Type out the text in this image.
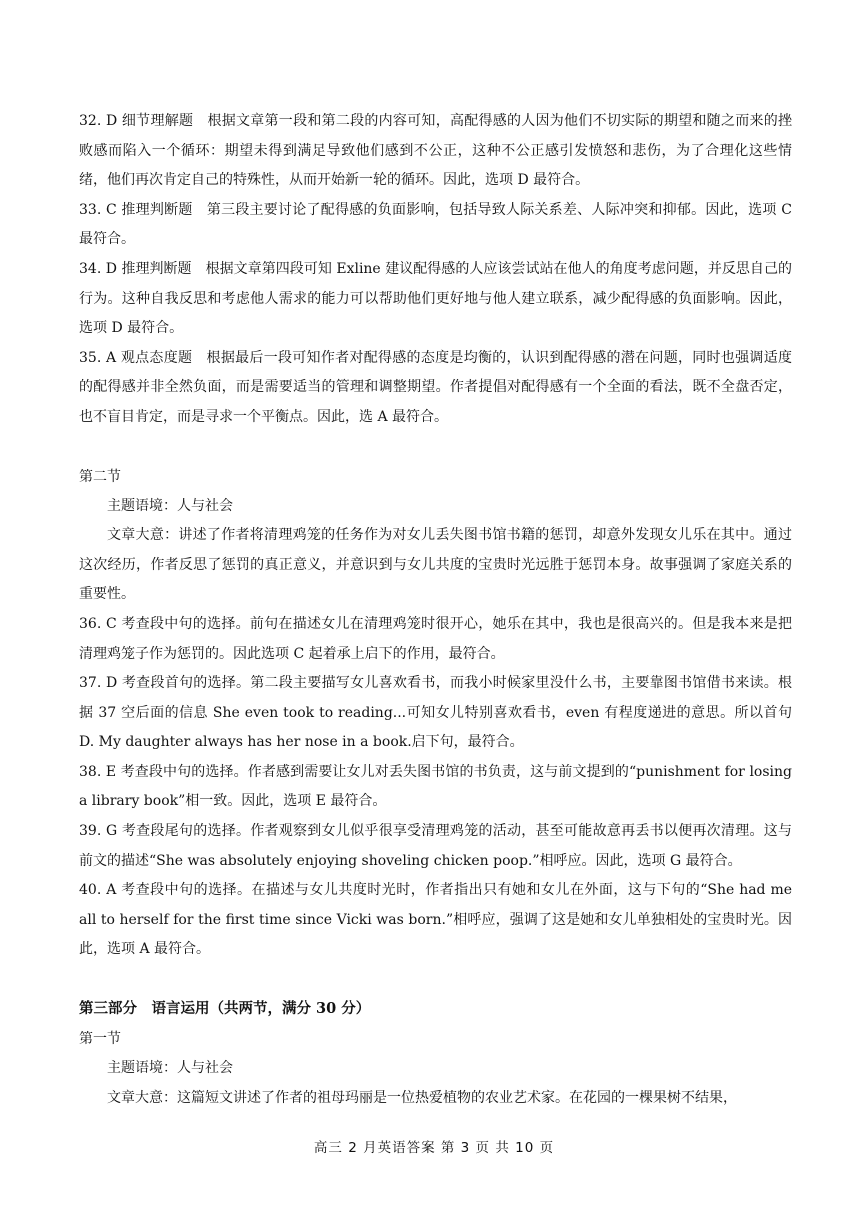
32. D 细节理解题　根据文章第一段和第二段的内容可知，高配得感的人因为他们不切实际的期望和随之而来的挫败感而陷入一个循环：期望未得到满足导致他们感到不公正，这种不公正感引发愤怒和悲伤，为了合理化这些情绪，他们再次肯定自己的特殊性，从而开始新一轮的循环。因此，选项 D 最符合。

33. C 推理判断题　第三段主要讨论了配得感的负面影响，包括导致人际关系差、人际冲突和抑郁。因此，选项 C 最符合。

34. D 推理判断题　根据文章第四段可知 Exline 建议配得感的人应该尝试站在他人的角度考虑问题，并反思自己的行为。这种自我反思和考虑他人需求的能力可以帮助他们更好地与他人建立联系，减少配得感的负面影响。因此，选项 D 最符合。

35. A 观点态度题　根据最后一段可知作者对配得感的态度是均衡的，认识到配得感的潜在问题，同时也强调适度的配得感并非全然负面，而是需要适当的管理和调整期望。作者提倡对配得感有一个全面的看法，既不全盘否定，也不盲目肯定，而是寻求一个平衡点。因此，选 A 最符合。

第二节

主题语境：人与社会

文章大意：讲述了作者将清理鸡笼的任务作为对女儿丢失图书馆书籍的惩罚，却意外发现女儿乐在其中。通过这次经历，作者反思了惩罚的真正意义，并意识到与女儿共度的宝贵时光远胜于惩罚本身。故事强调了家庭关系的重要性。

36. C 考查段中句的选择。前句在描述女儿在清理鸡笼时很开心，她乐在其中，我也是很高兴的。但是我本来是把清理鸡笼子作为惩罚的。因此选项 C 起着承上启下的作用，最符合。

37. D 考查段首句的选择。第二段主要描写女儿喜欢看书，而我小时候家里没什么书，主要靠图书馆借书来读。根据 37 空后面的信息 She even took to reading...可知女儿特别喜欢看书，even 有程度递进的意思。所以首句 D. My daughter always has her nose in a book.启下句，最符合。

38. E 考查段中句的选择。作者感到需要让女儿对丢失图书馆的书负责，这与前文提到的“punishment for losing a library book”相一致。因此，选项 E 最符合。

39. G 考查段尾句的选择。作者观察到女儿似乎很享受清理鸡笼的活动，甚至可能故意再丢书以便再次清理。这与前文的描述“She was absolutely enjoying shoveling chicken poop.”相呼应。因此，选项 G 最符合。

40. A 考查段中句的选择。在描述与女儿共度时光时，作者指出只有她和女儿在外面，这与下句的“She had me all to herself for the first time since Vicki was born.”相呼应，强调了这是她和女儿单独相处的宝贵时光。因此，选项 A 最符合。

第三部分　语言运用（共两节，满分 30 分）

第一节

主题语境：人与社会

文章大意：这篇短文讲述了作者的祖母玛丽是一位热爱植物的农业艺术家。在花园的一棵果树不结果，

高三 2 月英语答案 第 3 页 共 10 页
